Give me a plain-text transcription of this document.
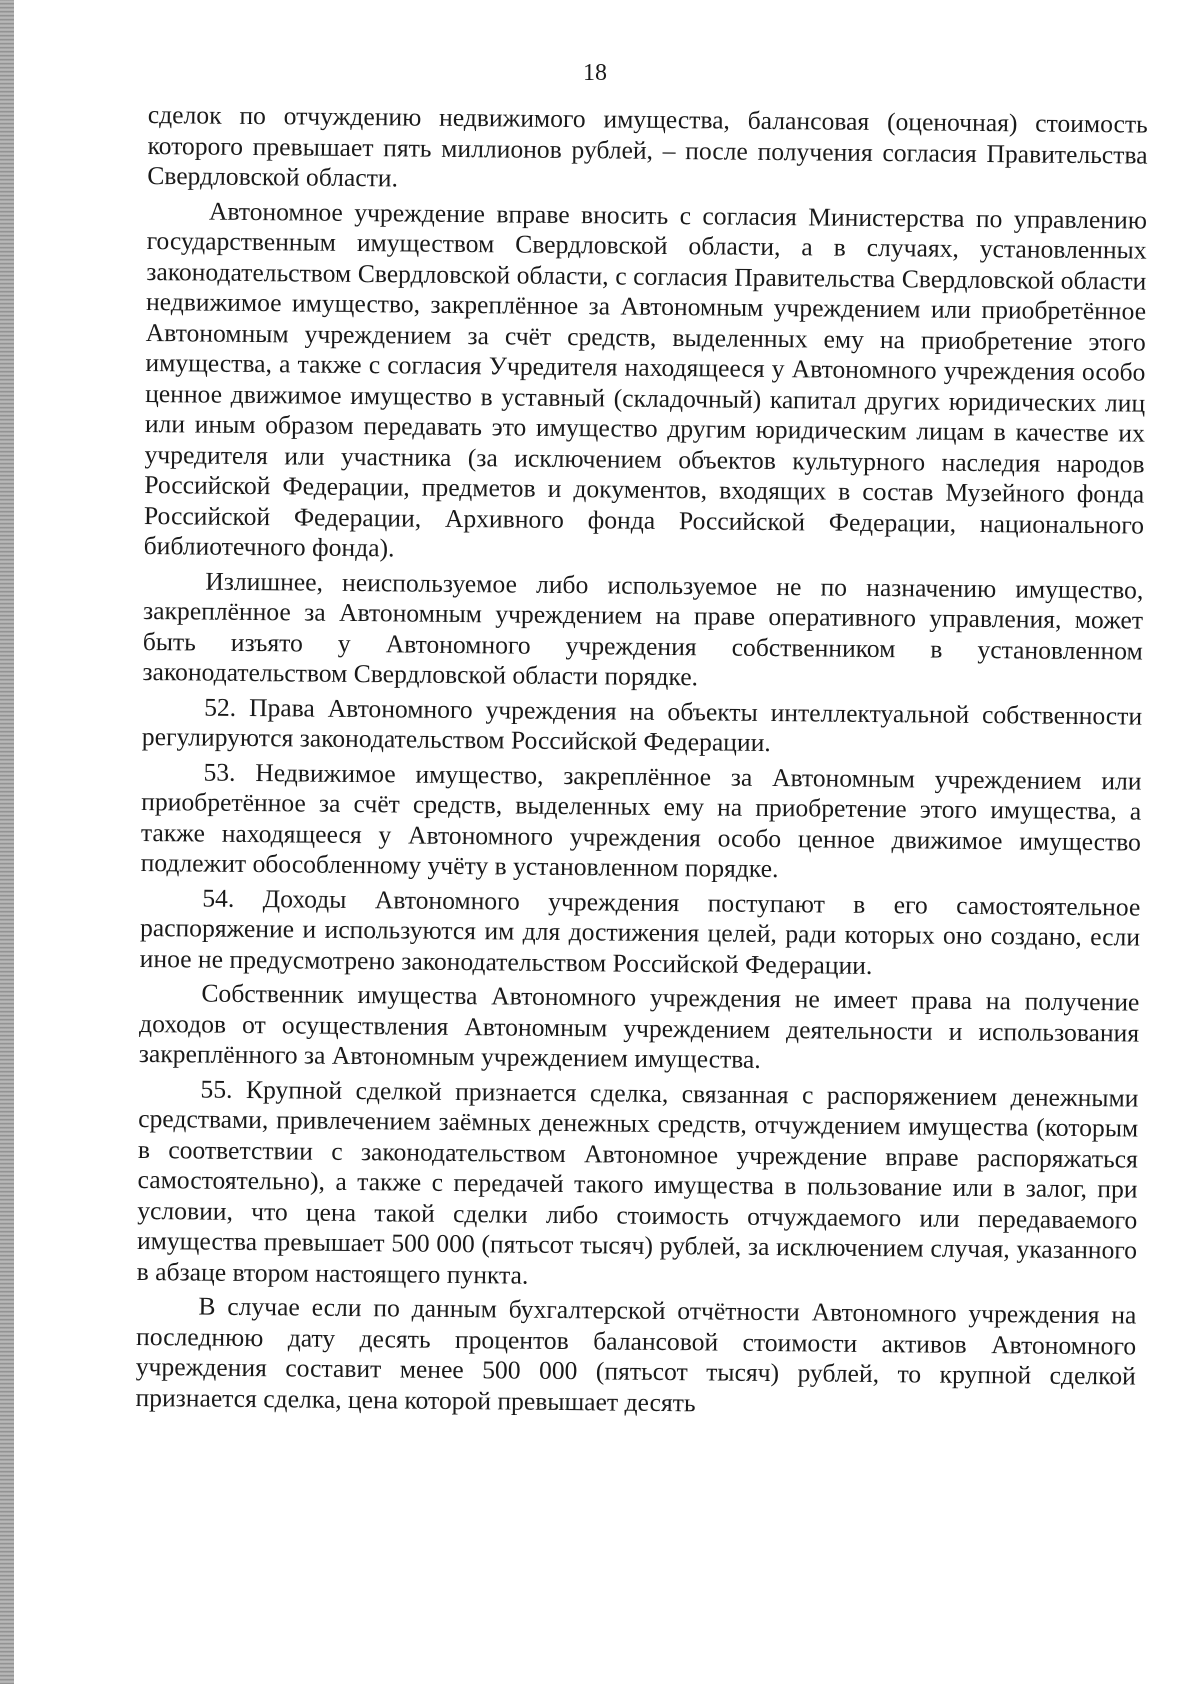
18

сделок по отчуждению недвижимого имущества, балансовая (оценочная) стоимость которого превышает пять миллионов рублей, – после получения согласия Правительства Свердловской области.

Автономное учреждение вправе вносить с согласия Министерства по управлению государственным имуществом Свердловской области, а в случаях, установленных законодательством Свердловской области, с согласия Правительства Свердловской области недвижимое имущество, закреплённое за Автономным учреждением или приобретённое Автономным учреждением за счёт средств, выделенных ему на приобретение этого имущества, а также с согласия Учредителя находящееся у Автономного учреждения особо ценное движимое имущество в уставный (складочный) капитал других юридических лиц или иным образом передавать это имущество другим юридическим лицам в качестве их учредителя или участника (за исключением объектов культурного наследия народов Российской Федерации, предметов и документов, входящих в состав Музейного фонда Российской Федерации, Архивного фонда Российской Федерации, национального библиотечного фонда).

Излишнее, неиспользуемое либо используемое не по назначению имущество, закреплённое за Автономным учреждением на праве оперативного управления, может быть изъято у Автономного учреждения собственником в установленном законодательством Свердловской области порядке.

52. Права Автономного учреждения на объекты интеллектуальной собственности регулируются законодательством Российской Федерации.

53. Недвижимое имущество, закреплённое за Автономным учреждением или приобретённое за счёт средств, выделенных ему на приобретение этого имущества, а также находящееся у Автономного учреждения особо ценное движимое имущество подлежит обособленному учёту в установленном порядке.

54. Доходы Автономного учреждения поступают в его самостоятельное распоряжение и используются им для достижения целей, ради которых оно создано, если иное не предусмотрено законодательством Российской Федерации.

Собственник имущества Автономного учреждения не имеет права на получение доходов от осуществления Автономным учреждением деятельности и использования закреплённого за Автономным учреждением имущества.

55. Крупной сделкой признается сделка, связанная с распоряжением денежными средствами, привлечением заёмных денежных средств, отчуждением имущества (которым в соответствии с законодательством Автономное учреждение вправе распоряжаться самостоятельно), а также с передачей такого имущества в пользование или в залог, при условии, что цена такой сделки либо стоимость отчуждаемого или передаваемого имущества превышает 500 000 (пятьсот тысяч) рублей, за исключением случая, указанного в абзаце втором настоящего пункта.

В случае если по данным бухгалтерской отчётности Автономного учреждения на последнюю дату десять процентов балансовой стоимости активов Автономного учреждения составит менее 500 000 (пятьсот тысяч) рублей, то крупной сделкой признается сделка, цена которой превышает десять
